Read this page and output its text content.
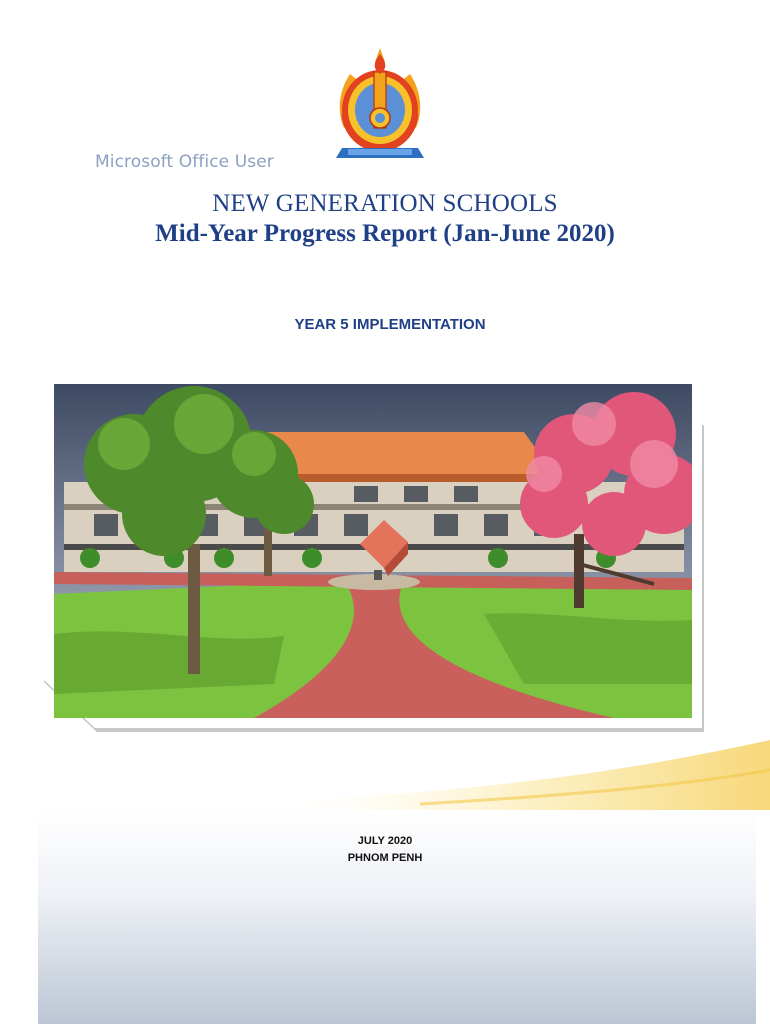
Microsoft Office User
NEW GENERATION SCHOOLS
Mid-Year Progress Report (Jan-June 2020)
YEAR 5 IMPLEMENTATION
JULY 2020
PHNOM PENH
